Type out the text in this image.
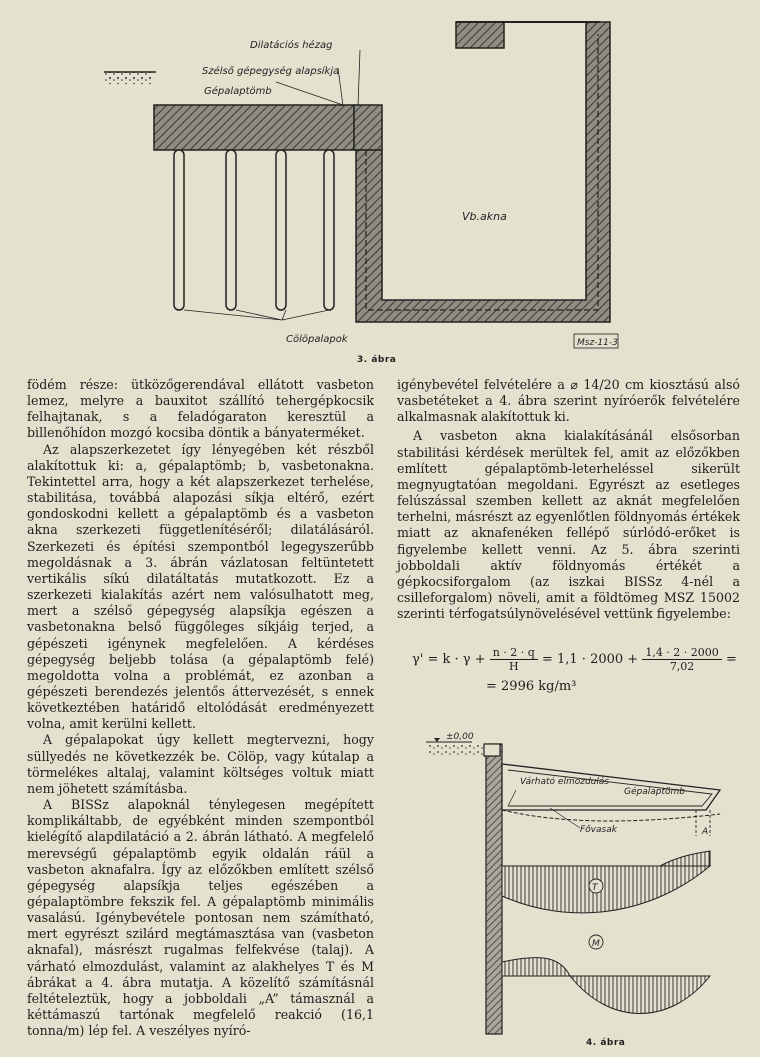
Dilatációs hézag
Szélső gépegység alapsíkja
Gépalaptömb
Vb.akna
Cölöpalapok	Msz-11-3
3. ábra

födém része: ütközőgerendával ellátott vasbeton lemez, melyre a bauxitot szállító tehergépkocsik felhajtanak, s a feladógaraton keresztül a billenőhídon mozgó kocsiba döntik a bányaterméket.

Az alapszerkezetet így lényegében két részből alakítottuk ki: a, gépalaptömb; b, vasbetonakna. Tekintettel arra, hogy a két alapszerkezet terhelése, stabilitása, továbbá alapozási síkja eltérő, ezért gondoskodni kellett a gépalaptömb és a vasbeton akna szerkezeti függetlenítéséről; dilatálásáról. Szerkezeti és építési szempontból legegyszerűbb megoldásnak a 3. ábrán vázlatosan feltüntetett vertikális síkú dilatáltatás mutatkozott. Ez a szerkezeti kialakítás azért nem valósulhatott meg, mert a szélső gépegység alapsíkja egészen a vasbetonakna belső függőleges síkjáig terjed, a gépészeti igénynek megfelelően. A kérdéses gépegység beljebb tolása (a gépalaptömb felé) megoldotta volna a problémát, ez azonban a gépészeti berendezés jelentős áttervezését, s ennek következtében határidő eltolódását eredményezett volna, amit kerülni kellett.

A gépalapokat úgy kellett megtervezni, hogy süllyedés ne következzék be. Cölöp, vagy kútalap a törmelékes altalaj, valamint költséges voltuk miatt nem jöhetett számításba.

A BISSz alapoknál ténylegesen megépített komplikáltabb, de egyébként minden szempontból kielégítő alapdilatáció a 2. ábrán látható. A megfelelő merevségű gépalaptömb egyik oldalán ráül a vasbeton aknafalra. Így az előzőkben említett szélső gépegység alapsíkja teljes egészében a gépalaptömbre fekszik fel. A gépalaptömb minimális vasalású. Igénybevétele pontosan nem számítható, mert egyrészt szilárd megtámasztása van (vasbeton aknafal), másrészt rugalmas felfekvése (talaj). A várható elmozdulást, valamint az alakhelyes T és M ábrákat a 4. ábra mutatja. A közelítő számításnál feltételeztük, hogy a jobboldali „A” támasznál a kéttámaszú tartónak megfelelő reakció (16,1 tonna/m) lép fel. A veszélyes nyíró-

igénybevétel felvételére a ⌀ 14/20 cm kiosztású alsó vasbetéteket a 4. ábra szerint nyíróerők felvételére alkalmasnak alakítottuk ki.

A vasbeton akna kialakításánál elsősorban stabilitási kérdések merültek fel, amit az előzőkben említett gépalaptömb-leterheléssel sikerült megnyugtatóan megoldani. Egyrészt az esetleges felúszással szemben kellett az aknát megfelelően terhelni, másrészt az egyenlőtlen földnyomás értékek miatt az aknafenéken fellépő súrlódó-erőket is figyelembe kellett venni. Az 5. ábra szerinti jobboldali aktív földnyomás értékét a gépkocsiforgalom (az iszkai BISSz 4-nél a csilleforgalom) növeli, amit a földtömeg MSZ 15002 szerinti térfogatsúlynövelésével vettünk figyelembe:

$\gamma' = k \cdot \gamma + \frac{n \cdot 2 \cdot q}{H} = 1,1 \cdot 2000 + \frac{1,4 \cdot 2 \cdot 2000}{7,02}$ =
= 2996 kg/m³
±0,00
A
T
M
Várható elmozdulás
Gépalaptömb
Fővasak
4. ábra
